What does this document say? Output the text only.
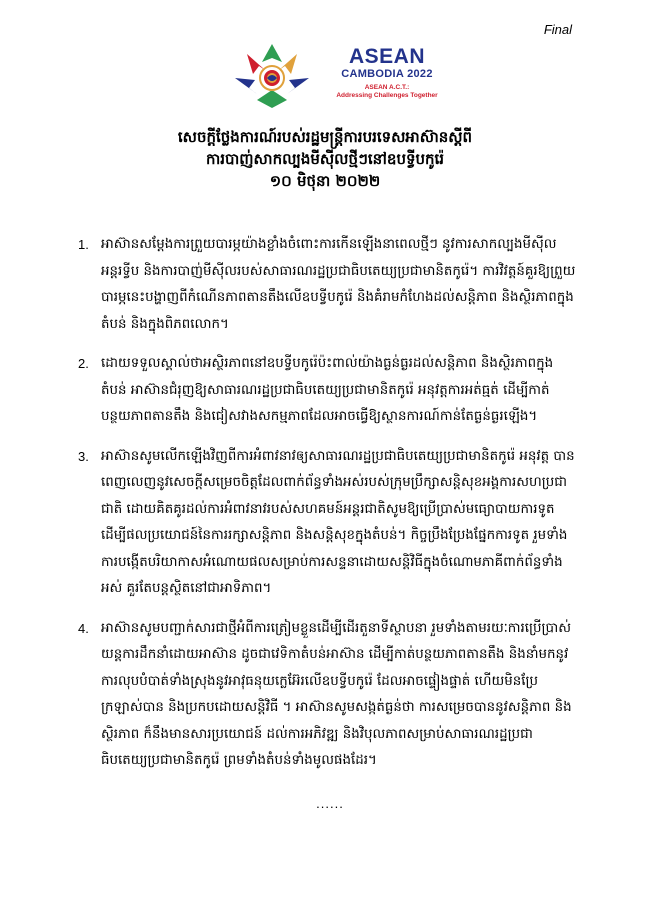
Final
ASEAN
CAMBODIA 2022
ASEAN A.C.T.:
Addressing Challenges Together
សេចក្តីថ្លែងការណ៍របស់រដ្ឋមន្ត្រីការបរទេសអាស៊ានស្តីពី
ការបាញ់សាកល្បងមីស៊ីលថ្មីៗនៅឧបទ្វីបកូរ៉េ
១០ មិថុនា ២០២២
1. អាស៊ានសម្តែងការព្រួយបារម្ភយ៉ាងខ្លាំងចំពោះការកើនឡើងនាពេលថ្មីៗ នូវការសាកល្បងមីស៊ីលអន្តរទ្វីប និងការបាញ់មីស៊ីលរបស់សាធារណរដ្ឋប្រជាធិបតេយ្យប្រជាមានិតកូរ៉េ។ ការវិវត្តន៍គួរឱ្យព្រួយបារម្ភនេះបង្ហាញពីកំណើនភាពតានតឹងលើឧបទ្វីបកូរ៉េ និងគំរាមកំហែងដល់សន្តិភាព និងស្ថិរភាពក្នុងតំបន់ និងក្នុងពិភពលោក។
2. ដោយទទួលស្គាល់ថាអស្ថិរភាពនៅឧបទ្វីបកូរ៉េប៉ះពាល់យ៉ាងធ្ងន់ធ្ងរដល់សន្តិភាព និងស្ថិរភាពក្នុងតំបន់ អាស៊ានជំរុញឱ្យសាធារណរដ្ឋប្រជាធិបតេយ្យប្រជាមានិតកូរ៉េ អនុវត្តការអត់ធ្មត់ ដើម្បីកាត់បន្ថយភាពតានតឹង និងជៀសវាងសកម្មភាពដែលអាចធ្វើឱ្យស្ថានការណ៍កាន់តែធ្ងន់ធ្ងរឡើង។
3. អាស៊ានសូមលើកឡើងវិញពីការអំពាវនាវឲ្យសាធារណរដ្ឋប្រជាធិបតេយ្យប្រជាមានិតកូរ៉េ អនុវត្ត បានពេញលេញនូវសេចក្តីសម្រេចចិត្តដែលពាក់ព័ន្ធទាំងអស់របស់ក្រុមប្រឹក្សាសន្តិសុខអង្គការសហប្រជាជាតិ ដោយគិតគូរដល់ការអំពាវនាវរបស់សហគមន៍អន្តរជាតិសូមឱ្យប្រើប្រាស់មធ្យោបាយការទូត ដើម្បីផលប្រយោជន៍នៃការរក្សាសន្តិភាព និងសន្តិសុខក្នុងតំបន់។ កិច្ចប្រឹងប្រែងផ្នែកការទូត រួមទាំងការបង្កើតបរិយាកាសអំណោយផលសម្រាប់ការសន្ទនាដោយសន្តិវិធីក្នុងចំណោមភាគីពាក់ព័ន្ធទាំងអស់ គួរតែបន្តស្ថិតនៅជាអាទិភាព។
4. អាស៊ានសូមបញ្ជាក់សារជាថ្មីអំពីការត្រៀមខ្លួនដើម្បីដើរតួនាទីស្ថាបនា រួមទាំងតាមរយៈការប្រើប្រាស់យន្តការដឹកនាំដោយអាស៊ាន ដូចជាវេទិកាតំបន់អាស៊ាន ដើម្បីកាត់បន្ថយភាពតានតឹង និងនាំមកនូវការលុបបំបាត់ទាំងស្រុងនូវអាវុធនុយក្លេអ៊ែរលើឧបទ្វីបកូរ៉េ ដែលអាចផ្ទៀងផ្ទាត់ ហើយមិនប្រែក្រឡាស់បាន និងប្រកបដោយសន្តិវិធី ។ អាស៊ានសូមសង្កត់ធ្ងន់ថា ការសម្រេចបាននូវសន្តិភាព និងស្ថិរភាព ក៏នឹងមានសារប្រយោជន៍ ដល់ការអភិវឌ្ឍ និងវិបុលភាពសម្រាប់សាធារណរដ្ឋប្រជាធិបតេយ្យប្រជាមានិតកូរ៉េ ព្រមទាំងតំបន់ទាំងមូលផងដែរ។
......
